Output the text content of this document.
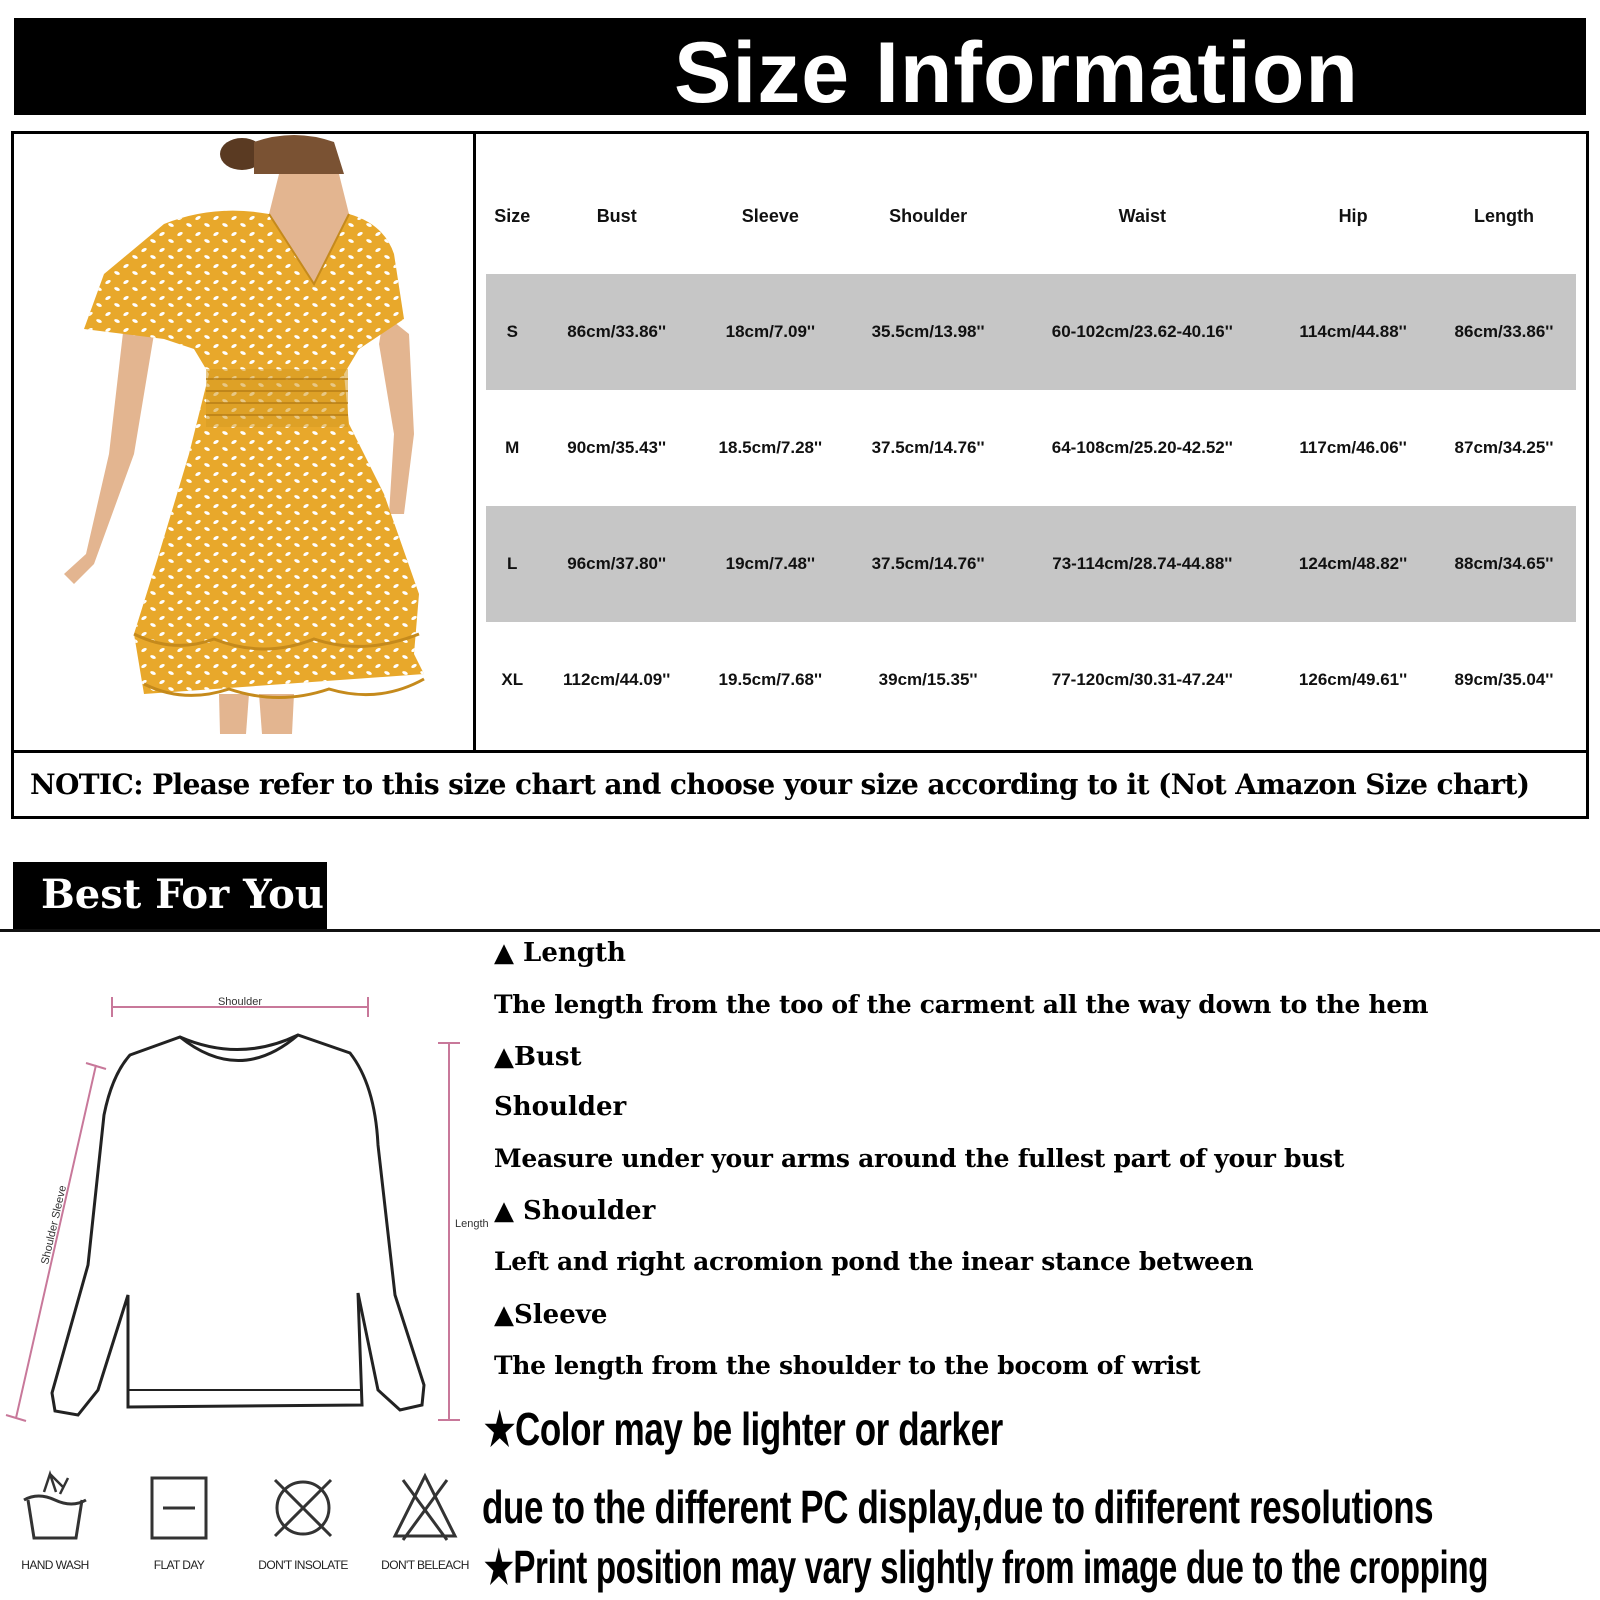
Size Information
Size	Bust	Sleeve	Shoulder	Waist	Hip	Length
S	86cm/33.86''	18cm/7.09''	35.5cm/13.98''	60-102cm/23.62-40.16''	114cm/44.88''	86cm/33.86''
M	90cm/35.43''	18.5cm/7.28''	37.5cm/14.76''	64-108cm/25.20-42.52''	117cm/46.06''	87cm/34.25''
L	96cm/37.80''	19cm/7.48''	37.5cm/14.76''	73-114cm/28.74-44.88''	124cm/48.82''	88cm/34.65''
XL	112cm/44.09''	19.5cm/7.68''	39cm/15.35''	77-120cm/30.31-47.24''	126cm/49.61''	89cm/35.04''
NOTIC: Please refer to this size chart and choose your size according to it (Not Amazon Size chart)
Best For You
Shoulder
Length
Shoulder Sleeve
HAND WASH	FLAT DAY	DON'T INSOLATE	DON'T BELEACH
▲ Length
The length from the too of the carment all the way down to the hem
▲Bust
Shoulder
Measure under your arms around the fullest part of your bust
▲ Shoulder
Left and right acromion pond the inear stance between
▲Sleeve
The length from the shoulder to the bocom of wrist
★Color may be lighter or darker
due to the different PC display,due to dififerent resolutions
★Print position may vary slightly from image due to the cropping
